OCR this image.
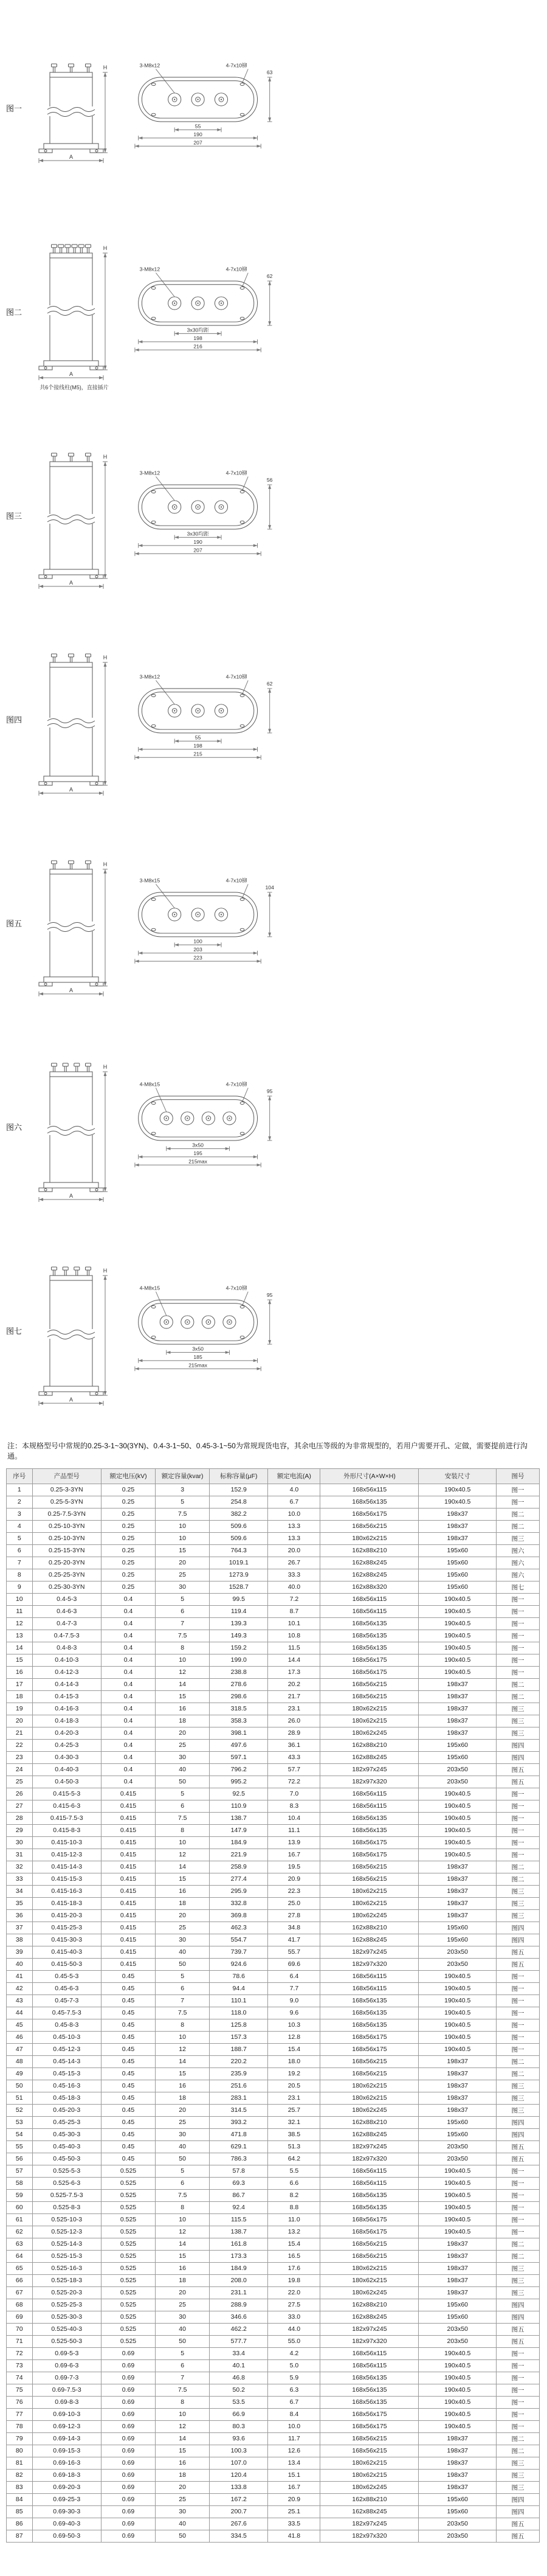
图一
H
A
3-M8x12	4-7x10铆
55
190
207
63
图二
H
A
共6个接线柱(M5)，直接插片
3-M8x12	4-7x10铆
3x30均距
198
216
62
图三
H
A
3-M8x12	4-7x10铆
3x30均距
190
207
56
图四
H
A
3-M8x12	4-7x10铆
55
198
215
62
图五
H
A
3-M8x15	4-7x10铆
100
203
223
104
图六
H
A
4-M8x15	4-7x10铆
3x50
195
215max
95
图七
H
A
4-M8x15	4-7x10铆
3x50
185
215max
95

注：本规格型号中常规的0.25-3-1~30(3YN)、0.4-3-1~50、0.45-3-1~50为常规现货电容，其余电压等级的为非常规型的，若用户需要开孔、定做，需要提前进行沟通。

序号	产品型号	额定电压(kV)	额定容量(kvar)	标称容量(μF)	额定电流(A)	外形尺寸(A×W×H)	安装尺寸	图号
1	0.25-3-3YN	0.25	3	152.9	4.0	168x56x115	190x40.5	图一
2	0.25-5-3YN	0.25	5	254.8	6.7	168x56x135	190x40.5	图一
3	0.25-7.5-3YN	0.25	7.5	382.2	10.0	168x56x175	198x37	图二
4	0.25-10-3YN	0.25	10	509.6	13.3	168x56x215	198x37	图二
5	0.25-10-3YN	0.25	10	509.6	13.3	180x62x215	198x37	图三
6	0.25-15-3YN	0.25	15	764.3	20.0	162x88x210	195x60	图六
7	0.25-20-3YN	0.25	20	1019.1	26.7	162x88x245	195x60	图六
8	0.25-25-3YN	0.25	25	1273.9	33.3	162x88x245	195x60	图六
9	0.25-30-3YN	0.25	30	1528.7	40.0	162x88x320	195x60	图七
10	0.4-5-3	0.4	5	99.5	7.2	168x56x115	190x40.5	图一
11	0.4-6-3	0.4	6	119.4	8.7	168x56x115	190x40.5	图一
12	0.4-7-3	0.4	7	139.3	10.1	168x56x135	190x40.5	图一
13	0.4-7.5-3	0.4	7.5	149.3	10.8	168x56x135	190x40.5	图一
14	0.4-8-3	0.4	8	159.2	11.5	168x56x135	190x40.5	图一
15	0.4-10-3	0.4	10	199.0	14.4	168x56x175	190x40.5	图一
16	0.4-12-3	0.4	12	238.8	17.3	168x56x175	190x40.5	图一
17	0.4-14-3	0.4	14	278.6	20.2	168x56x215	198x37	图二
18	0.4-15-3	0.4	15	298.6	21.7	168x56x215	198x37	图二
19	0.4-16-3	0.4	16	318.5	23.1	180x62x215	198x37	图三
20	0.4-18-3	0.4	18	358.3	26.0	180x62x215	198x37	图三
21	0.4-20-3	0.4	20	398.1	28.9	180x62x245	198x37	图三
22	0.4-25-3	0.4	25	497.6	36.1	162x88x210	195x60	图四
23	0.4-30-3	0.4	30	597.1	43.3	162x88x245	195x60	图四
24	0.4-40-3	0.4	40	796.2	57.7	182x97x245	203x50	图五
25	0.4-50-3	0.4	50	995.2	72.2	182x97x320	203x50	图五
26	0.415-5-3	0.415	5	92.5	7.0	168x56x115	190x40.5	图一
27	0.415-6-3	0.415	6	110.9	8.3	168x56x115	190x40.5	图一
28	0.415-7.5-3	0.415	7.5	138.7	10.4	168x56x135	190x40.5	图一
29	0.415-8-3	0.415	8	147.9	11.1	168x56x135	190x40.5	图一
30	0.415-10-3	0.415	10	184.9	13.9	168x56x175	190x40.5	图一
31	0.415-12-3	0.415	12	221.9	16.7	168x56x175	190x40.5	图一
32	0.415-14-3	0.415	14	258.9	19.5	168x56x215	198x37	图二
33	0.415-15-3	0.415	15	277.4	20.9	168x56x215	198x37	图二
34	0.415-16-3	0.415	16	295.9	22.3	180x62x215	198x37	图三
35	0.415-18-3	0.415	18	332.8	25.0	180x62x215	198x37	图三
36	0.415-20-3	0.415	20	369.8	27.8	180x62x245	198x37	图三
37	0.415-25-3	0.415	25	462.3	34.8	162x88x210	195x60	图四
38	0.415-30-3	0.415	30	554.7	41.7	162x88x245	195x60	图四
39	0.415-40-3	0.415	40	739.7	55.7	182x97x245	203x50	图五
40	0.415-50-3	0.415	50	924.6	69.6	182x97x320	203x50	图五
41	0.45-5-3	0.45	5	78.6	6.4	168x56x115	190x40.5	图一
42	0.45-6-3	0.45	6	94.4	7.7	168x56x115	190x40.5	图一
43	0.45-7-3	0.45	7	110.1	9.0	168x56x135	190x40.5	图一
44	0.45-7.5-3	0.45	7.5	118.0	9.6	168x56x135	190x40.5	图一
45	0.45-8-3	0.45	8	125.8	10.3	168x56x135	190x40.5	图一
46	0.45-10-3	0.45	10	157.3	12.8	168x56x175	190x40.5	图一
47	0.45-12-3	0.45	12	188.7	15.4	168x56x175	190x40.5	图一
48	0.45-14-3	0.45	14	220.2	18.0	168x56x215	198x37	图二
49	0.45-15-3	0.45	15	235.9	19.2	168x56x215	198x37	图二
50	0.45-16-3	0.45	16	251.6	20.5	180x62x215	198x37	图三
51	0.45-18-3	0.45	18	283.1	23.1	180x62x215	198x37	图三
52	0.45-20-3	0.45	20	314.5	25.7	180x62x245	198x37	图三
53	0.45-25-3	0.45	25	393.2	32.1	162x88x210	195x60	图四
54	0.45-30-3	0.45	30	471.8	38.5	162x88x245	195x60	图四
55	0.45-40-3	0.45	40	629.1	51.3	182x97x245	203x50	图五
56	0.45-50-3	0.45	50	786.3	64.2	182x97x320	203x50	图五
57	0.525-5-3	0.525	5	57.8	5.5	168x56x115	190x40.5	图一
58	0.525-6-3	0.525	6	69.3	6.6	168x56x115	190x40.5	图一
59	0.525-7.5-3	0.525	7.5	86.7	8.2	168x56x135	190x40.5	图一
60	0.525-8-3	0.525	8	92.4	8.8	168x56x135	190x40.5	图一
61	0.525-10-3	0.525	10	115.5	11.0	168x56x175	190x40.5	图一
62	0.525-12-3	0.525	12	138.7	13.2	168x56x175	190x40.5	图一
63	0.525-14-3	0.525	14	161.8	15.4	168x56x215	198x37	图二
64	0.525-15-3	0.525	15	173.3	16.5	168x56x215	198x37	图二
65	0.525-16-3	0.525	16	184.9	17.6	180x62x215	198x37	图三
66	0.525-18-3	0.525	18	208.0	19.8	180x62x215	198x37	图三
67	0.525-20-3	0.525	20	231.1	22.0	180x62x245	198x37	图三
68	0.525-25-3	0.525	25	288.9	27.5	162x88x210	195x60	图四
69	0.525-30-3	0.525	30	346.6	33.0	162x88x245	195x60	图四
70	0.525-40-3	0.525	40	462.2	44.0	182x97x245	203x50	图五
71	0.525-50-3	0.525	50	577.7	55.0	182x97x320	203x50	图五
72	0.69-5-3	0.69	5	33.4	4.2	168x56x115	190x40.5	图一
73	0.69-6-3	0.69	6	40.1	5.0	168x56x115	190x40.5	图一
74	0.69-7-3	0.69	7	46.8	5.9	168x56x135	190x40.5	图一
75	0.69-7.5-3	0.69	7.5	50.2	6.3	168x56x135	190x40.5	图一
76	0.69-8-3	0.69	8	53.5	6.7	168x56x135	190x40.5	图一
77	0.69-10-3	0.69	10	66.9	8.4	168x56x175	190x40.5	图一
78	0.69-12-3	0.69	12	80.3	10.0	168x56x175	190x40.5	图一
79	0.69-14-3	0.69	14	93.6	11.7	168x56x215	198x37	图二
80	0.69-15-3	0.69	15	100.3	12.6	168x56x215	198x37	图二
81	0.69-16-3	0.69	16	107.0	13.4	180x62x215	198x37	图三
82	0.69-18-3	0.69	18	120.4	15.1	180x62x215	198x37	图三
83	0.69-20-3	0.69	20	133.8	16.7	180x62x245	198x37	图三
84	0.69-25-3	0.69	25	167.2	20.9	162x88x210	195x60	图四
85	0.69-30-3	0.69	30	200.7	25.1	162x88x245	195x60	图四
86	0.69-40-3	0.69	40	267.6	33.5	182x97x245	203x50	图五
87	0.69-50-3	0.69	50	334.5	41.8	182x97x320	203x50	图五
